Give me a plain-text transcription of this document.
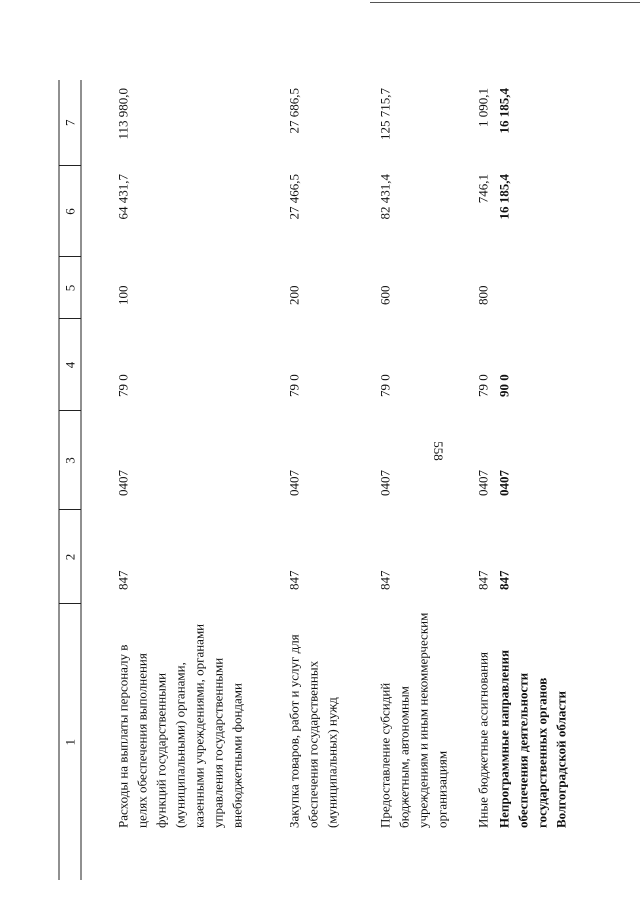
558
1	2	3	4	5	6	7
Расходы на выплаты персоналу в целях обеспечения выполнения функций государственными (муниципальными) органами, казенными учреждениями, органами управления государственными внебюджетными фондами	847	0407	79 0	100	64 431,7	113 980,0
Закупка товаров, работ и услуг для обеспечения государственных (муниципальных) нужд	847	0407	79 0	200	27 466,5	27 686,5
Предоставление субсидий бюджетным, автономным учреждениям и иным некоммерческим организациям	847	0407	79 0	600	82 431,4	125 715,7
Иные бюджетные ассигнования	847	0407	79 0	800	746,1	1 090,1
Непрограммные направления обеспечения деятельности государственных органов Волгоградской области	847	0407	90 0		16 185,4	16 185,4
